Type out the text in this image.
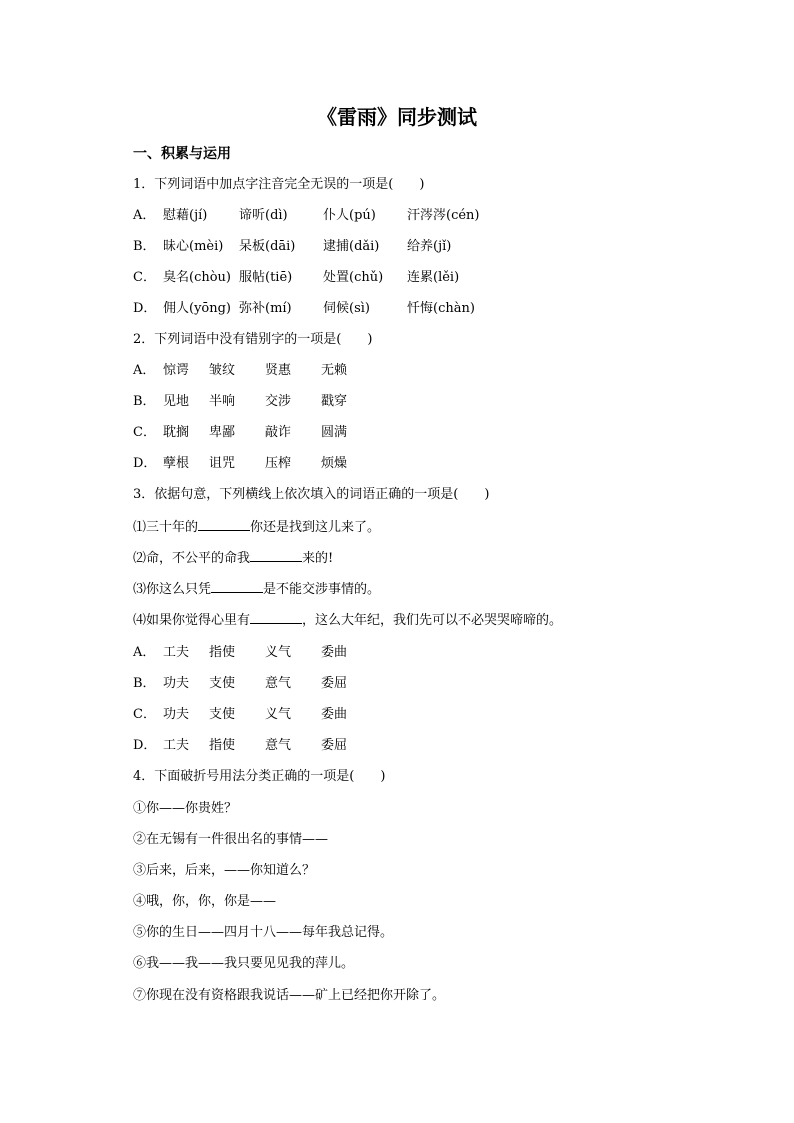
《雷雨》同步测试
一、积累与运用
1．下列词语中加点字注音完全无误的一项是(　　)
A． 慰藉(jí) 谛听(dì)	仆人(pú) 汗涔涔(cén)
B． 昧心(mèi) 呆板(dāi) 逮捕(dǎi) 给养(jǐ)
C． 臭名(chòu) 服帖(tiē) 处置(chǔ) 连累(lěi)
D． 佣人(yōng) 弥补(mí) 伺候(sì)	忏悔(chàn)
2．下列词语中没有错别字的一项是(　　)
A． 惊谔 皱纹 贤惠 无赖
B． 见地 半响 交涉 戳穿
C． 耽搁 卑鄙 敲诈 圆满
D． 孽根 诅咒 压榨 烦燥
3．依据句意，下列横线上依次填入的词语正确的一项是(　　)
⑴三十年的	你还是找到这儿来了。
⑵命，不公平的命我	来的!
⑶你这么只凭	是不能交涉事情的。
⑷如果你觉得心里有	，这么大年纪，我们先可以不必哭哭啼啼的。
A． 工夫 指使 义气 委曲
B． 功夫 支使 意气 委屈
C． 功夫 支使 义气 委曲
D． 工夫 指使 意气 委屈
4．下面破折号用法分类正确的一项是(　　)
①你——你贵姓？
②在无锡有一件很出名的事情——
③后来，后来，——你知道么？
④哦，你，你，你是——
⑤你的生日——四月十八——每年我总记得。
⑥我——我——我只要见见我的萍儿。
⑦你现在没有资格跟我说话——矿上已经把你开除了。
